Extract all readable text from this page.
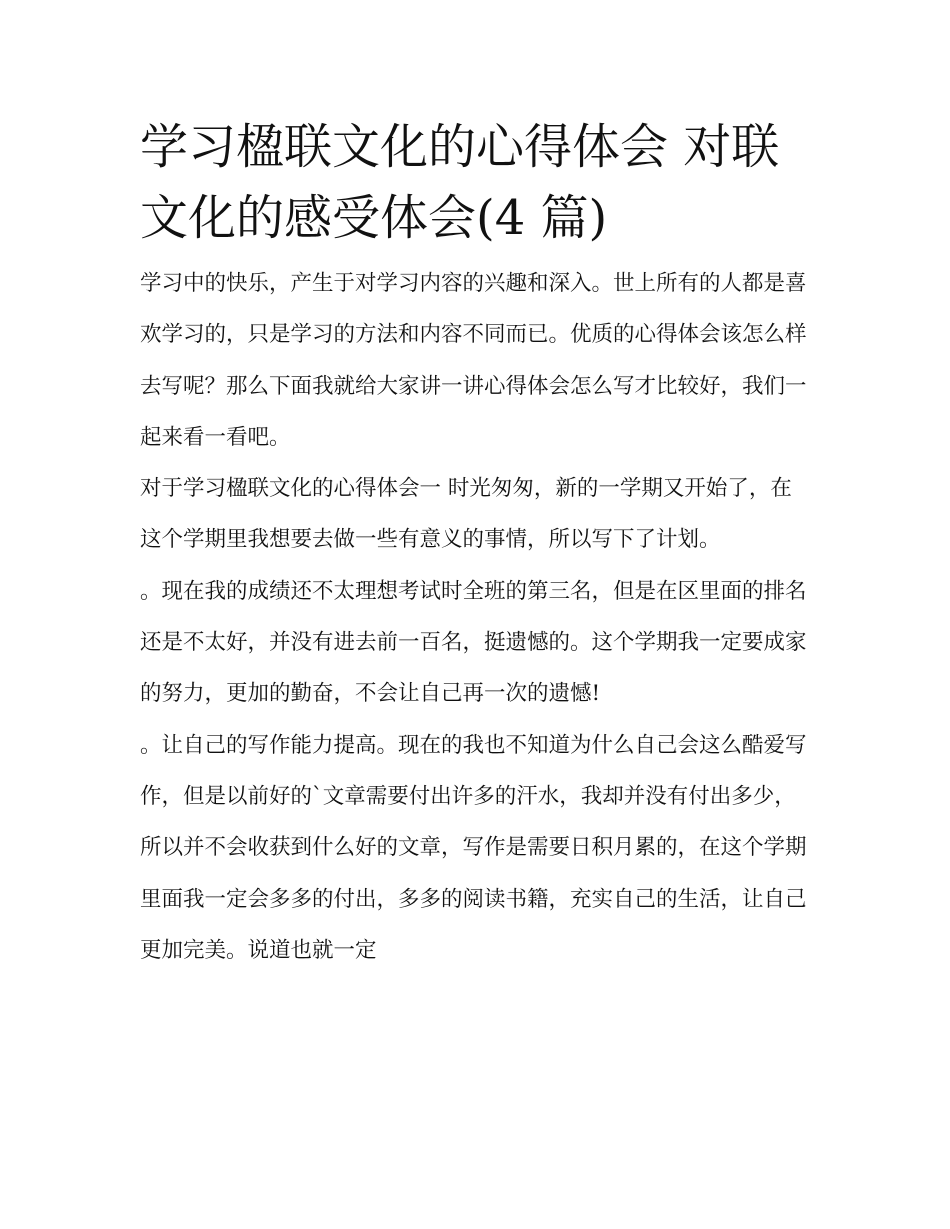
学习楹联文化的心得体会 对联文化的感受体会(4 篇)

学习中的快乐，产生于对学习内容的兴趣和深入。世上所有的人都是喜欢学习的，只是学习的方法和内容不同而已。优质的心得体会该怎么样去写呢？那么下面我就给大家讲一讲心得体会怎么写才比较好，我们一起来看一看吧。

对于学习楹联文化的心得体会一 时光匆匆，新的一学期又开始了，在这个学期里我想要去做一些有意义的事情，所以写下了计划。

。现在我的成绩还不太理想考试时全班的第三名，但是在区里面的排名还是不太好，并没有进去前一百名，挺遗憾的。这个学期我一定要成家的努力，更加的勤奋，不会让自己再一次的遗憾!

。让自己的写作能力提高。现在的我也不知道为什么自己会这么酷爱写作，但是以前好的`文章需要付出许多的汗水，我却并没有付出多少，所以并不会收获到什么好的文章，写作是需要日积月累的，在这个学期里面我一定会多多的付出，多多的阅读书籍，充实自己的生活，让自己更加完美。说道也就一定
